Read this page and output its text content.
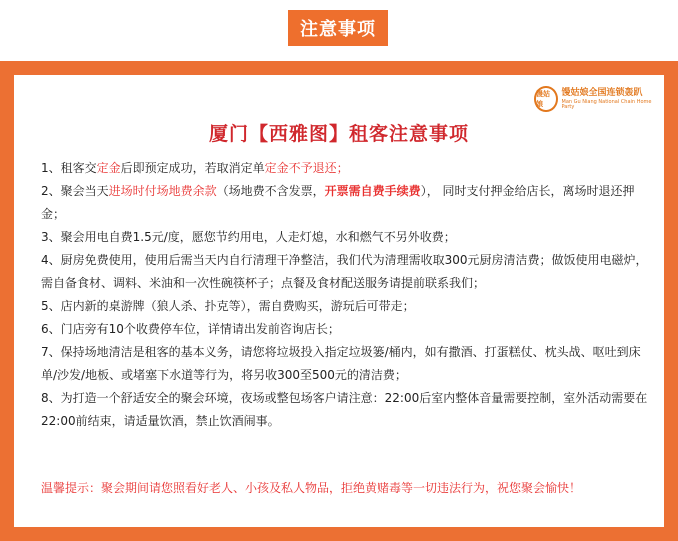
注意事项
馒姑娘
馒姑娘全国连锁轰趴
Man Gu Niang National Chain Home Party
厦门【西雅图】租客注意事项
1、租客交定金后即预定成功，若取消定单定金不予退还；
2、聚会当天进场时付场地费余款（场地费不含发票，开票需自费手续费）， 同时支付押金给店长，离场时退还押金；
3、聚会用电自费1.5元/度，愿您节约用电，人走灯熄，水和燃气不另外收费；
4、厨房免费使用，使用后需当天内自行清理干净整洁，我们代为清理需收取300元厨房清洁费；做饭使用电磁炉，需自备食材、调料、米油和一次性碗筷杯子；点餐及食材配送服务请提前联系我们；
5、店内新的桌游牌（狼人杀、扑克等），需自费购买，游玩后可带走；
6、门店旁有10个收费停车位，详情请出发前咨询店长；
7、保持场地清洁是租客的基本义务，请您将垃圾投入指定垃圾篓/桶内，如有撒酒、打蛋糕仗、枕头战、呕吐到床单/沙发/地板、或堵塞下水道等行为，将另收300至500元的清洁费；
8、为打造一个舒适安全的聚会环境，夜场或整包场客户请注意：22:00后室内整体音量需要控制，室外活动需要在22:00前结束，请适量饮酒，禁止饮酒闹事。
温馨提示：聚会期间请您照看好老人、小孩及私人物品，拒绝黄赌毒等一切违法行为，祝您聚会愉快！
